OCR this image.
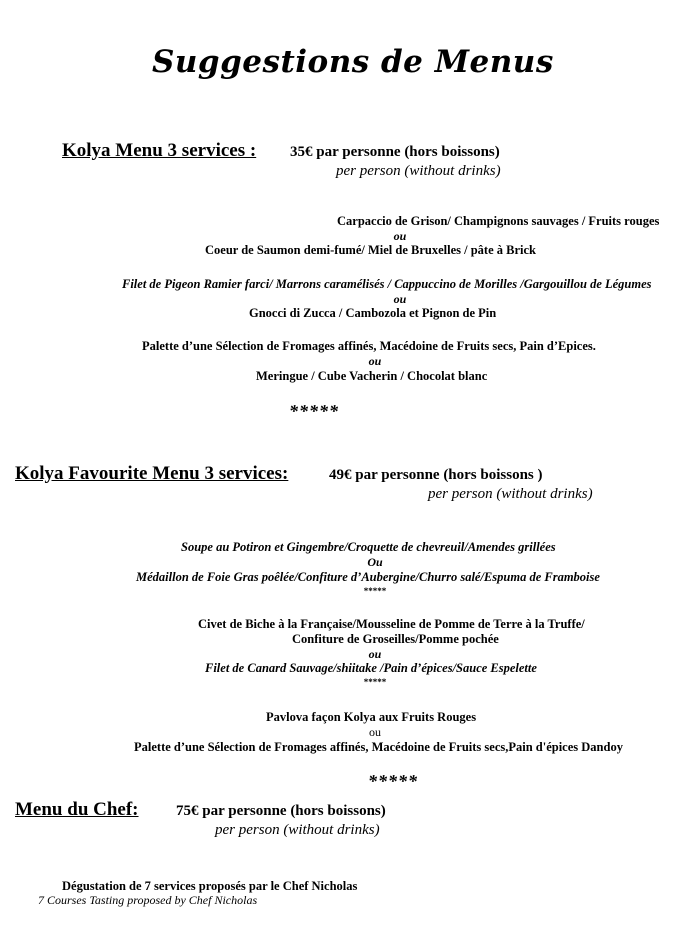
Suggestions de Menus
Kolya Menu 3 services : 35€ par personne (hors boissons)
per person (without drinks)
Carpaccio de Grison/ Champignons sauvages / Fruits rouges
ou
Coeur de Saumon demi-fumé/ Miel de Bruxelles / pâte à Brick
Filet de Pigeon Ramier farci/ Marrons caramélisés / Cappuccino de Morilles /Gargouillou de Légumes
ou
Gnocci di Zucca / Cambozola et Pignon de Pin
Palette d’une Sélection de Fromages affinés, Macédoine de Fruits secs, Pain d’Epices.
ou
Meringue / Cube Vacherin / Chocolat blanc
*****
Kolya Favourite Menu 3 services:	49€ par personne (hors boissons )
per person (without drinks)
Soupe au Potiron et Gingembre/Croquette de chevreuil/Amendes grillées
Ou
Médaillon de Foie Gras poêlée/Confiture d’Aubergine/Churro salé/Espuma de Framboise
*****
Civet de Biche à la Française/Mousseline de Pomme de Terre à la Truffe/
Confiture de Groseilles/Pomme pochée
ou
Filet de Canard Sauvage/shiitake /Pain d’épices/Sauce Espelette
*****
Pavlova façon Kolya aux Fruits Rouges
ou
Palette d’une Sélection de Fromages affinés, Macédoine de Fruits secs,Pain d'épices Dandoy
*****
Menu du Chef: 75€ par personne (hors boissons)
per person (without drinks)
Dégustation de 7 services proposés par le Chef Nicholas
7 Courses Tasting proposed by Chef Nicholas
